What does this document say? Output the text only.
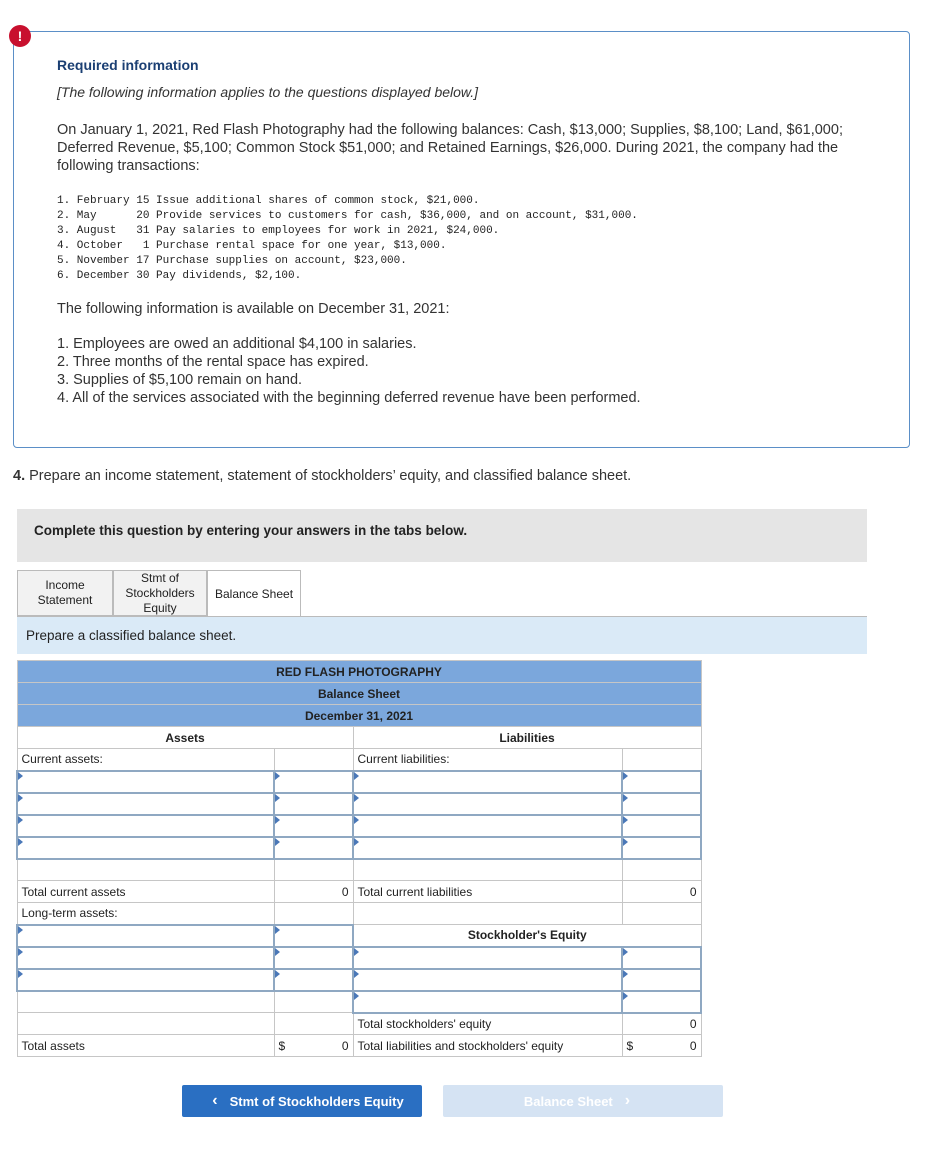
Required information
[The following information applies to the questions displayed below.]
On January 1, 2021, Red Flash Photography had the following balances: Cash, $13,000; Supplies, $8,100; Land, $61,000; Deferred Revenue, $5,100; Common Stock $51,000; and Retained Earnings, $26,000. During 2021, the company had the following transactions:
1. February 15 Issue additional shares of common stock, $21,000.
2. May      20 Provide services to customers for cash, $36,000, and on account, $31,000.
3. August   31 Pay salaries to employees for work in 2021, $24,000.
4. October   1 Purchase rental space for one year, $13,000.
5. November 17 Purchase supplies on account, $23,000.
6. December 30 Pay dividends, $2,100.
The following information is available on December 31, 2021:
1. Employees are owed an additional $4,100 in salaries.
2. Three months of the rental space has expired.
3. Supplies of $5,100 remain on hand.
4. All of the services associated with the beginning deferred revenue have been performed.
!
4. Prepare an income statement, statement of stockholders’ equity, and classified balance sheet.
Complete this question by entering your answers in the tabs below.
Income
Statement
Stmt of
Stockholders
Equity
Balance Sheet
Prepare a classified balance sheet.
RED FLASH PHOTOGRAPHY			
Balance Sheet			
December 31, 2021			
Assets		Liabilities	
Current assets:		Current liabilities:	

Total current assets	0	Total current liabilities	0
Long-term assets:			
		Stockholder's Equity	

		Total stockholders' equity	0
Total assets	$ 0	Total liabilities and stockholders' equity	$ 0
‹ Stmt of Stockholders Equity	Balance Sheet ›
